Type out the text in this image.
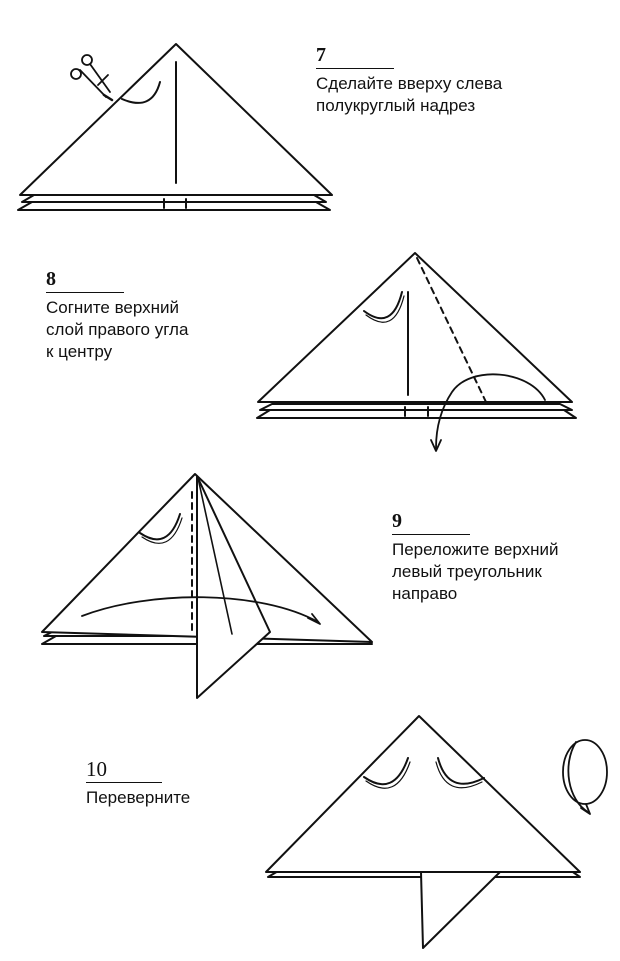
7
Сделайте вверху слева
полукруглый надрез
8
Согните верхний
слой правого угла
к центру
9
Переложите верхний
левый треугольник
направо
10
Переверните
